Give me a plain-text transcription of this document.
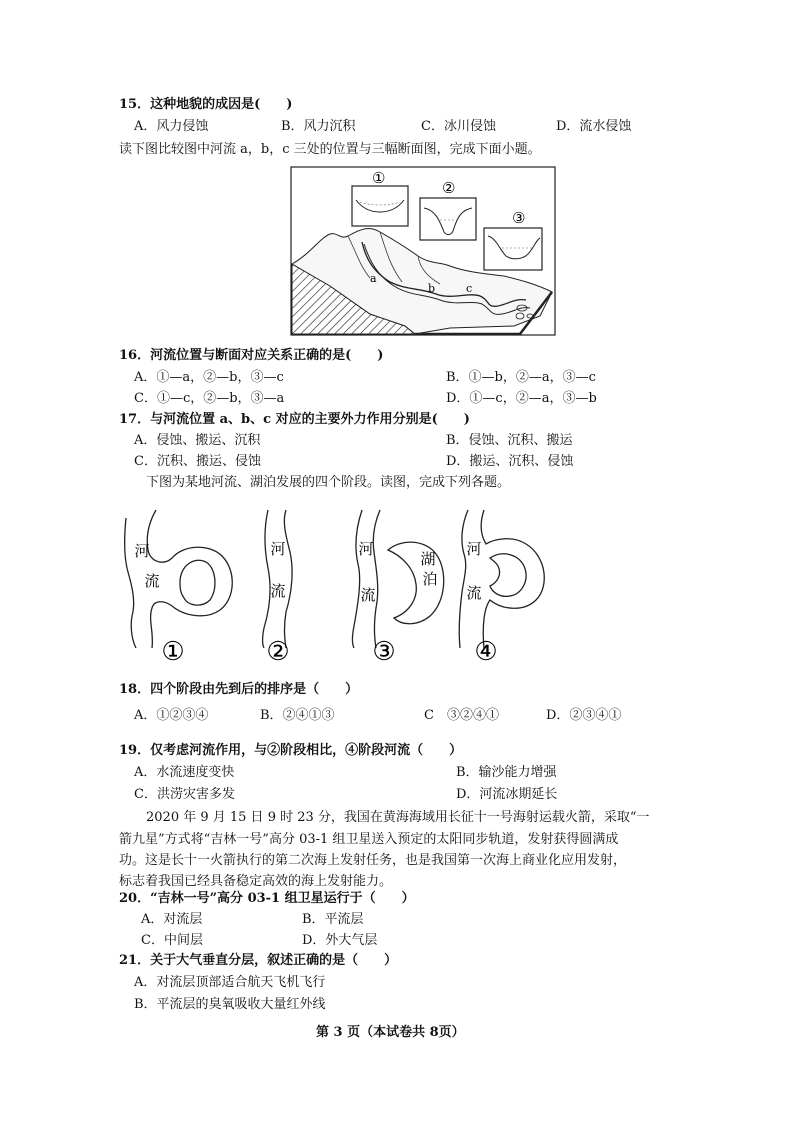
15．这种地貌的成因是(　　)
A．风力侵蚀	B．风力沉积	C．冰川侵蚀	D．流水侵蚀
读下图比较图中河流 a，b，c 三处的位置与三幅断面图，完成下面小题。
a
b	c
①
②
③
16．河流位置与断面对应关系正确的是(　　)
A．①—a，②—b，③—c	B．①—b，②—a，③—c
C．①—c，②—b，③—a	D．①—c，②—a，③—b
17．与河流位置 a、b、c 对应的主要外力作用分别是(　　)
A．侵蚀、搬运、沉积	B．侵蚀、沉积、搬运
C．沉积、搬运、侵蚀	D．搬运、沉积、侵蚀
下图为某地河流、湖泊发展的四个阶段。读图，完成下列各题。
河
流
河
流
河
流
湖
泊
河
流
①	②	③	④
18．四个阶段由先到后的排序是（　　）
A．①②③④	B．②④①③	C　③②④①	D．②③④①
19．仅考虑河流作用，与②阶段相比，④阶段河流（　　）
A．水流速度变快	B．输沙能力增强
C．洪涝灾害多发	D．河流冰期延长
2020 年 9 月 15 日 9 时 23 分，我国在黄海海域用长征十一号海射运载火箭，采取“一
箭九星”方式将“吉林一号”高分 03-1 组卫星送入预定的太阳同步轨道，发射获得圆满成
功。这是长十一火箭执行的第二次海上发射任务，也是我国第一次海上商业化应用发射，
标志着我国已经具备稳定高效的海上发射能力。
20．“吉林一号”高分 03-1 组卫星运行于（　　）
A．对流层	B．平流层
C．中间层	D．外大气层
21．关于大气垂直分层，叙述正确的是（　　）
A．对流层顶部适合航天飞机飞行
B．平流层的臭氧吸收大量红外线
第 3 页（本试卷共 8页）
